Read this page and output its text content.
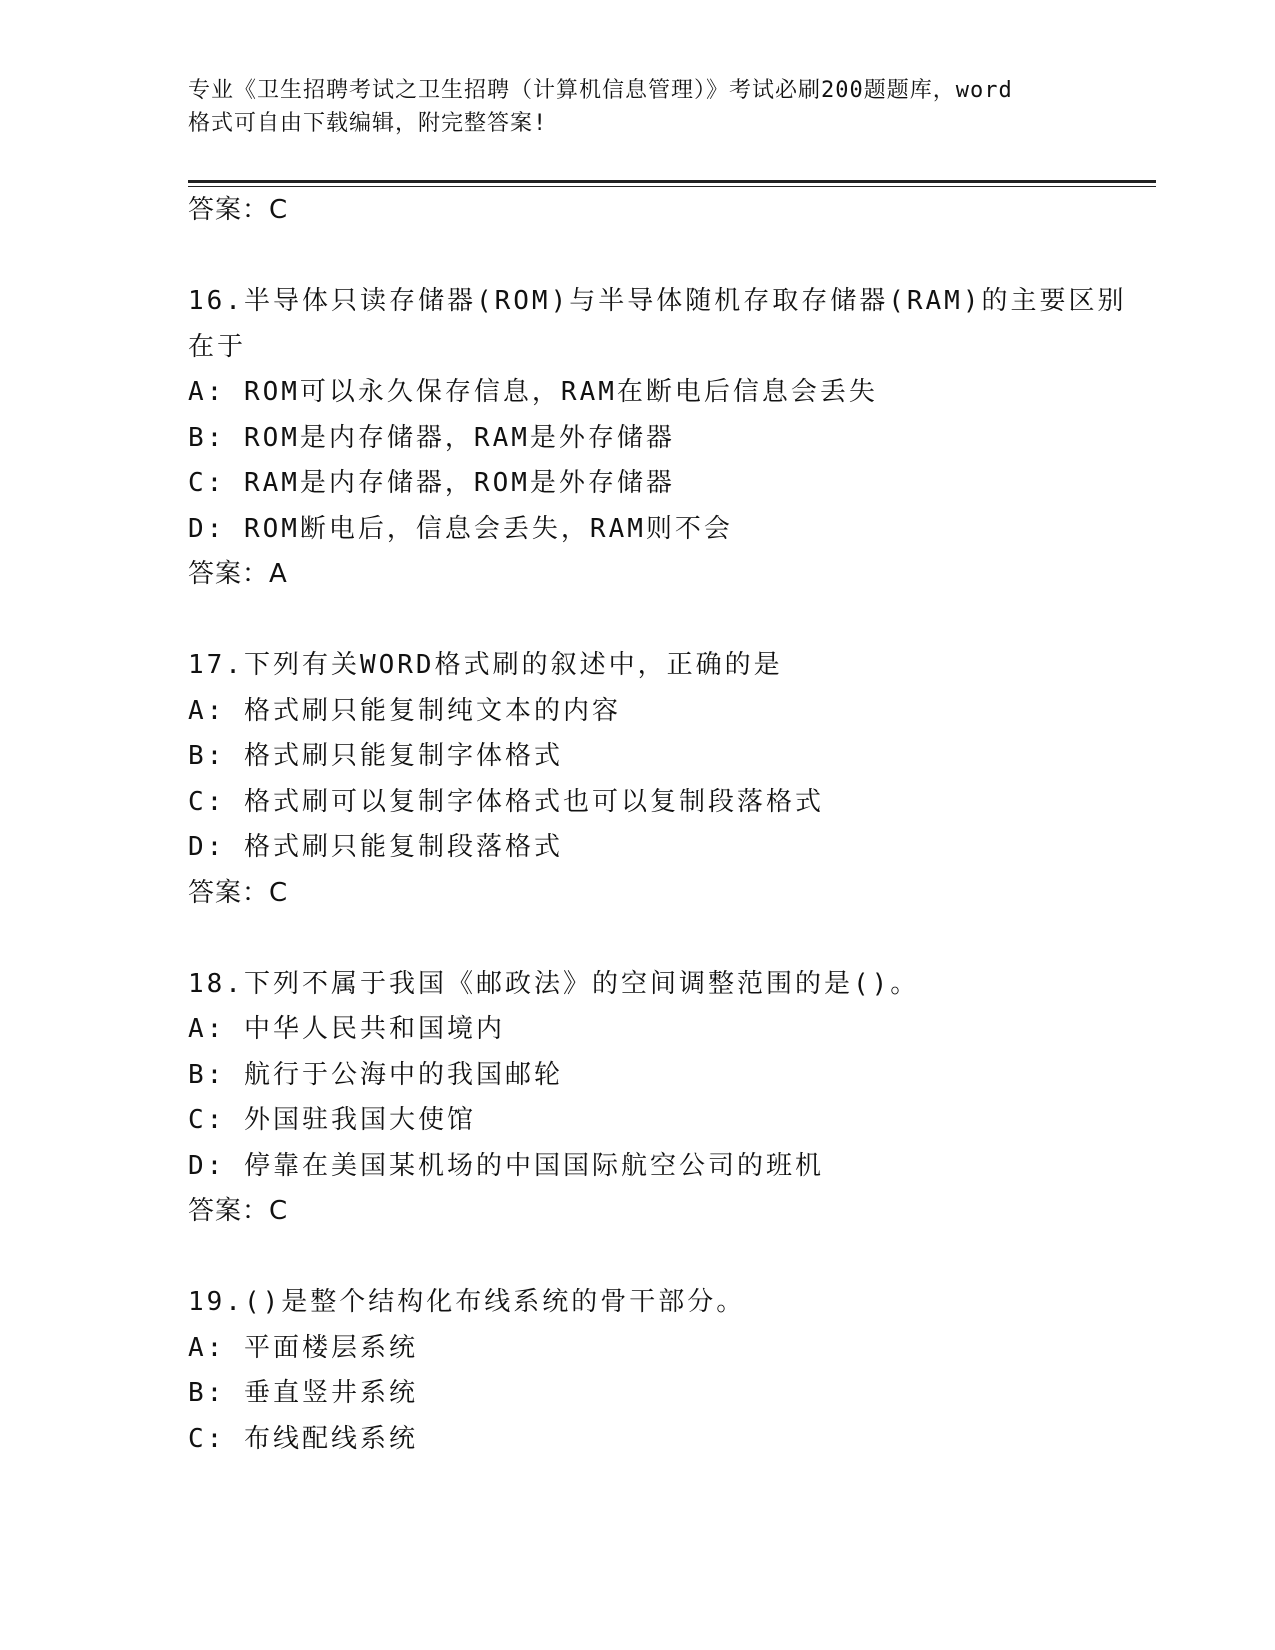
专业《卫生招聘考试之卫生招聘（计算机信息管理）》考试必刷200题题库，word
格式可自由下载编辑，附完整答案!
答案：C
16.半导体只读存储器(ROM)与半导体随机存取存储器(RAM)的主要区别
在于
A: ROM可以永久保存信息，RAM在断电后信息会丢失
B: ROM是内存储器，RAM是外存储器
C: RAM是内存储器，ROM是外存储器
D: ROM断电后，信息会丢失，RAM则不会
答案：A
17.下列有关WORD格式刷的叙述中，正确的是
A: 格式刷只能复制纯文本的内容
B: 格式刷只能复制字体格式
C: 格式刷可以复制字体格式也可以复制段落格式
D: 格式刷只能复制段落格式
答案：C
18.下列不属于我国《邮政法》的空间调整范围的是()。
A: 中华人民共和国境内
B: 航行于公海中的我国邮轮
C: 外国驻我国大使馆
D: 停靠在美国某机场的中国国际航空公司的班机
答案：C
19.()是整个结构化布线系统的骨干部分。
A: 平面楼层系统
B: 垂直竖井系统
C: 布线配线系统
